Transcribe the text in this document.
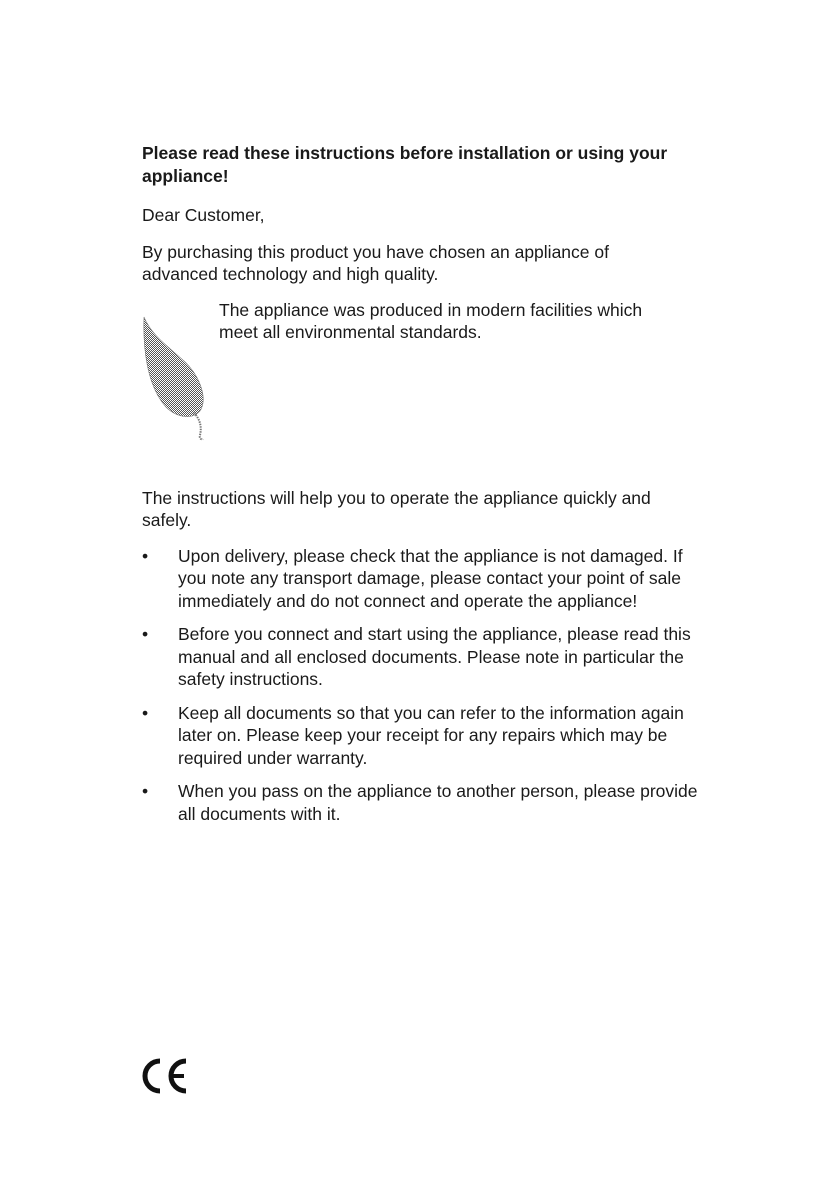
Please read these instructions before installation or using your appliance!

Dear Customer,

By purchasing this product you have chosen an appliance of advanced technology and high quality.

The appliance was produced in modern facilities which meet all environmental standards.

The instructions will help you to operate the appliance quickly and safely.

•	Upon delivery, please check that the appliance is not damaged. If you note any transport damage, please contact your point of sale immediately and do not connect and operate the appliance!
•	Before you connect and start using the appliance, please read this manual and all enclosed documents. Please note in particular the safety instructions.
•	Keep all documents so that you can refer to the information again later on. Please keep your receipt for any repairs which may be required under warranty.
•	When you pass on the appliance to another person, please provide all documents with it.
